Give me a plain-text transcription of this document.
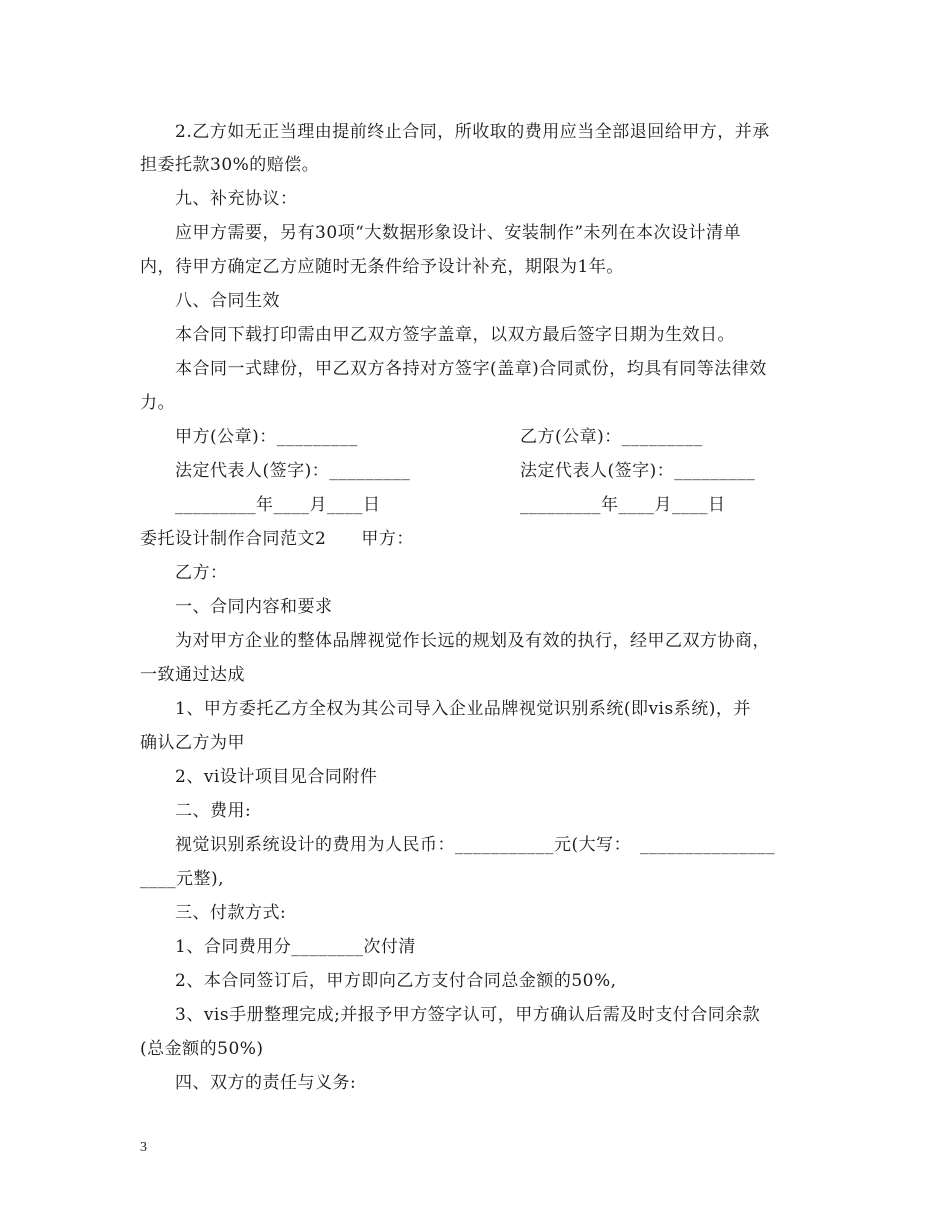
2.乙方如无正当理由提前终止合同，所收取的费用应当全部退回给甲方，并承
担委托款30%的赔偿。
九、补充协议：
应甲方需要，另有30项“大数据形象设计、安装制作”未列在本次设计清单
内，待甲方确定乙方应随时无条件给予设计补充，期限为1年。
八、合同生效
本合同下载打印需由甲乙双方签字盖章，以双方最后签字日期为生效日。
本合同一式肆份，甲乙双方各持对方签字(盖章)合同贰份，均具有同等法律效
力。
甲方(公章)：_________	乙方(公章)：_________
法定代表人(签字)：_________	法定代表人(签字)：_________
_________年____月____日	_________年____月____日
委托设计制作合同范文2　　甲方：
乙方：
一、合同内容和要求
为对甲方企业的整体品牌视觉作长远的规划及有效的执行，经甲乙双方协商，
一致通过达成
1、甲方委托乙方全权为其公司导入企业品牌视觉识别系统(即vis系统)，并
确认乙方为甲
2、vi设计项目见合同附件
二、费用:
视觉识别系统设计的费用为人民币：___________元(大写：　_______________
____元整),
三、付款方式:
1、合同费用分________次付清
2、本合同签订后，甲方即向乙方支付合同总金额的50%,
3、vis手册整理完成;并报予甲方签字认可，甲方确认后需及时支付合同余款
(总金额的50%)
四、双方的责任与义务:
3
